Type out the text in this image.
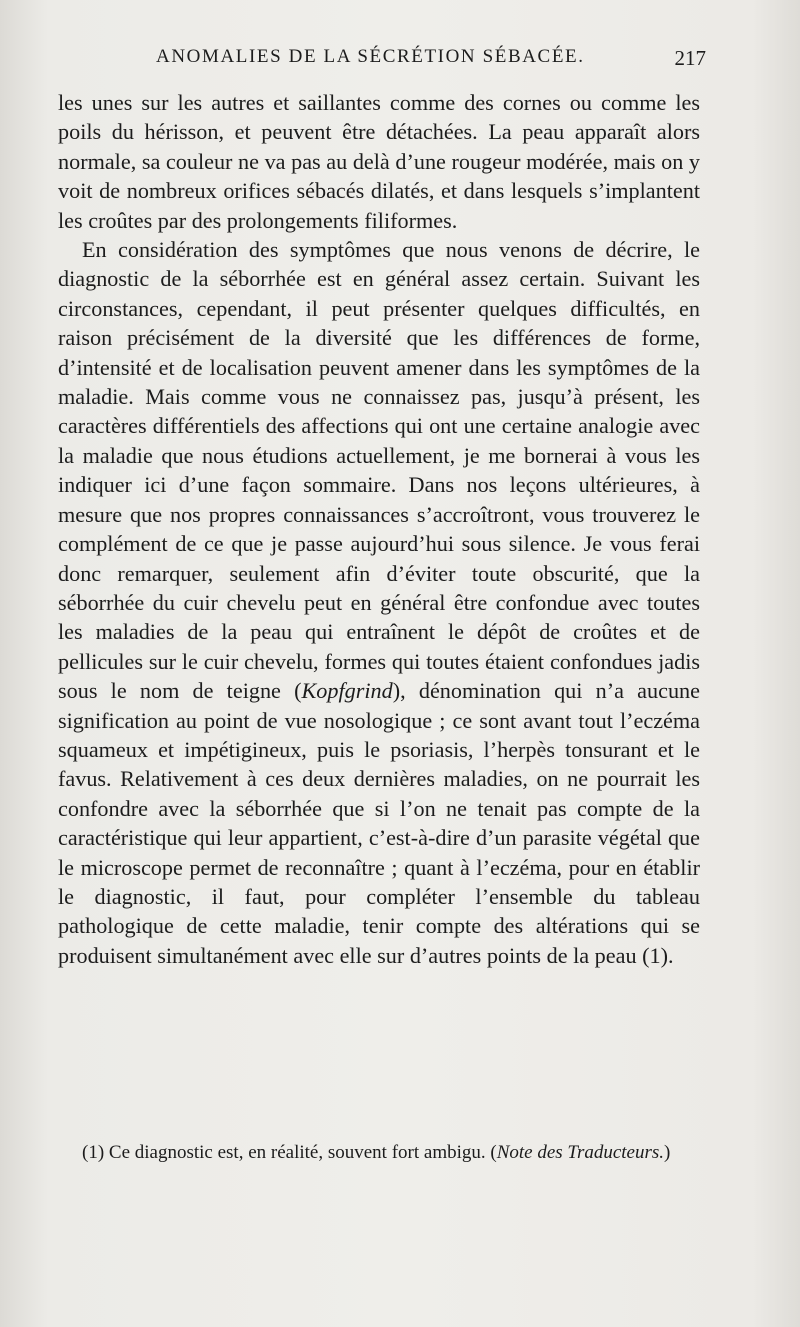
ANOMALIES DE LA SÉCRÉTION SÉBACÉE.	217

les unes sur les autres et saillantes comme des cornes ou comme les poils du hérisson, et peuvent être détachées. La peau apparaît alors normale, sa couleur ne va pas au delà d’une rougeur modérée, mais on y voit de nombreux orifices sébacés dilatés, et dans lesquels s’implantent les croûtes par des prolongements filiformes.

En considération des symptômes que nous venons de décrire, le diagnostic de la séborrhée est en général assez certain. Suivant les circonstances, cependant, il peut présenter quelques difficultés, en raison précisément de la diversité que les différences de forme, d’intensité et de localisation peuvent amener dans les symptômes de la maladie. Mais comme vous ne connaissez pas, jusqu’à présent, les caractères différentiels des affections qui ont une certaine analogie avec la maladie que nous étudions actuellement, je me bornerai à vous les indiquer ici d’une façon sommaire. Dans nos leçons ultérieures, à mesure que nos propres connaissances s’accroîtront, vous trouverez le complément de ce que je passe aujourd’hui sous silence. Je vous ferai donc remarquer, seulement afin d’éviter toute obscurité, que la séborrhée du cuir chevelu peut en général être confondue avec toutes les maladies de la peau qui entraînent le dépôt de croûtes et de pellicules sur le cuir chevelu, formes qui toutes étaient confondues jadis sous le nom de teigne (Kopfgrind), dénomination qui n’a aucune signification au point de vue nosologique ; ce sont avant tout l’eczéma squameux et impétigineux, puis le psoriasis, l’herpès tonsurant et le favus. Relativement à ces deux dernières maladies, on ne pourrait les confondre avec la séborrhée que si l’on ne tenait pas compte de la caractéristique qui leur appartient, c’est-à-dire d’un parasite végétal que le microscope permet de reconnaître ; quant à l’eczéma, pour en établir le diagnostic, il faut, pour compléter l’ensemble du tableau pathologique de cette maladie, tenir compte des altérations qui se produisent simultanément avec elle sur d’autres points de la peau (1).

(1) Ce diagnostic est, en réalité, souvent fort ambigu. (Note des Traducteurs.)
